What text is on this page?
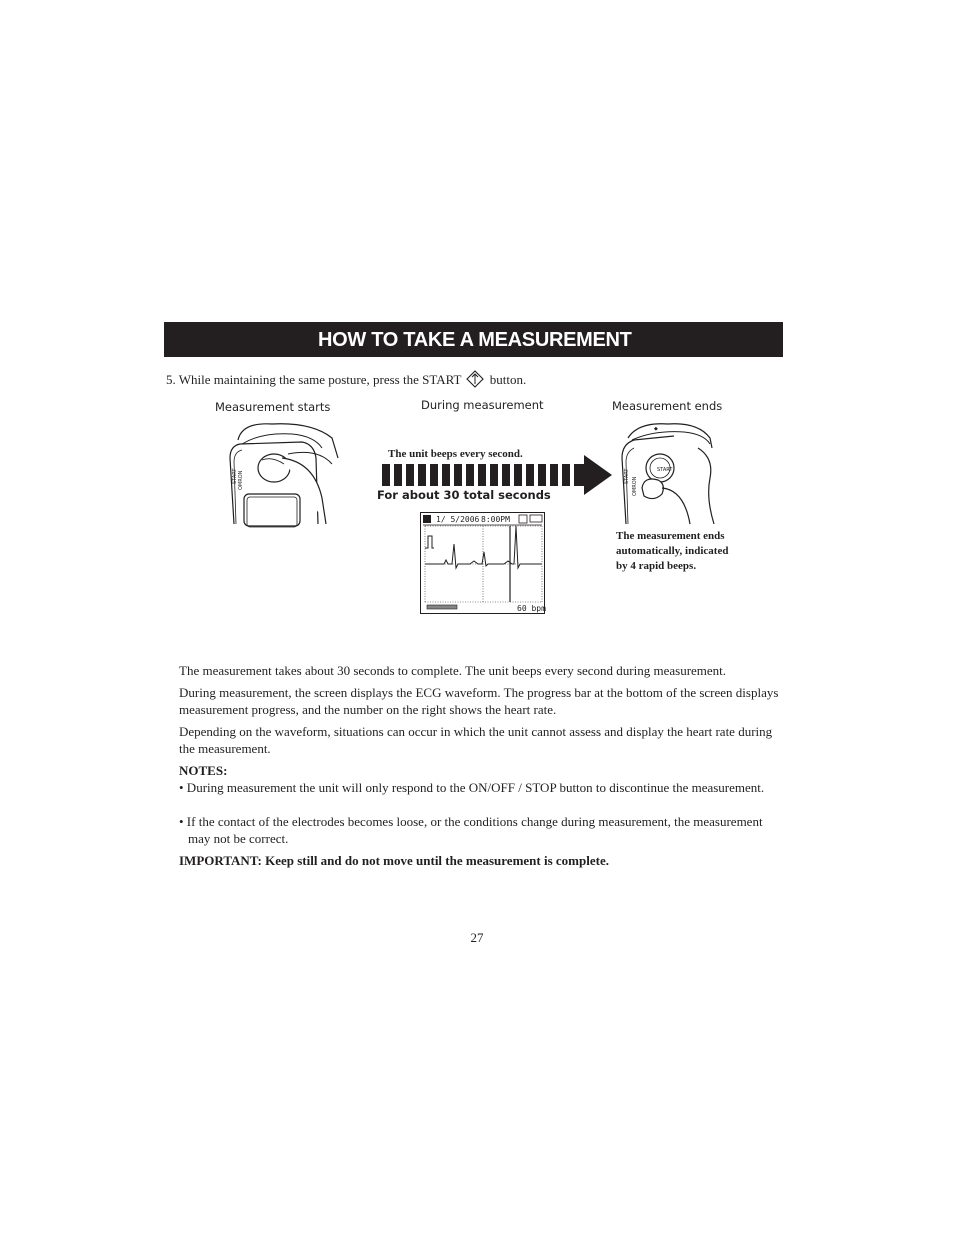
HOW TO TAKE A MEASUREMENT
5. While maintaining the same posture, press the START button.
Measurement starts	During measurement	Measurement ends
START OMRON
The unit beeps every second.
For about 30 total seconds
1/ 5/2006 8:00PM
60 bpm
START
OMRON
START
◆
The measurement ends
automatically, indicated
by 4 rapid beeps.

The measurement takes about 30 seconds to complete. The unit beeps every second during measurement.

During measurement, the screen displays the ECG waveform. The progress bar at the bottom of the screen displays measurement progress, and the number on the right shows the heart rate.

Depending on the waveform, situations can occur in which the unit cannot assess and display the heart rate during the measurement.

NOTES:
• During measurement the unit will only respond to the ON/OFF / STOP button to discontinue the measurement.
• If the contact of the electrodes becomes loose, or the conditions change during measurement, the measurement may not be correct.
IMPORTANT: Keep still and do not move until the measurement is complete.
27
